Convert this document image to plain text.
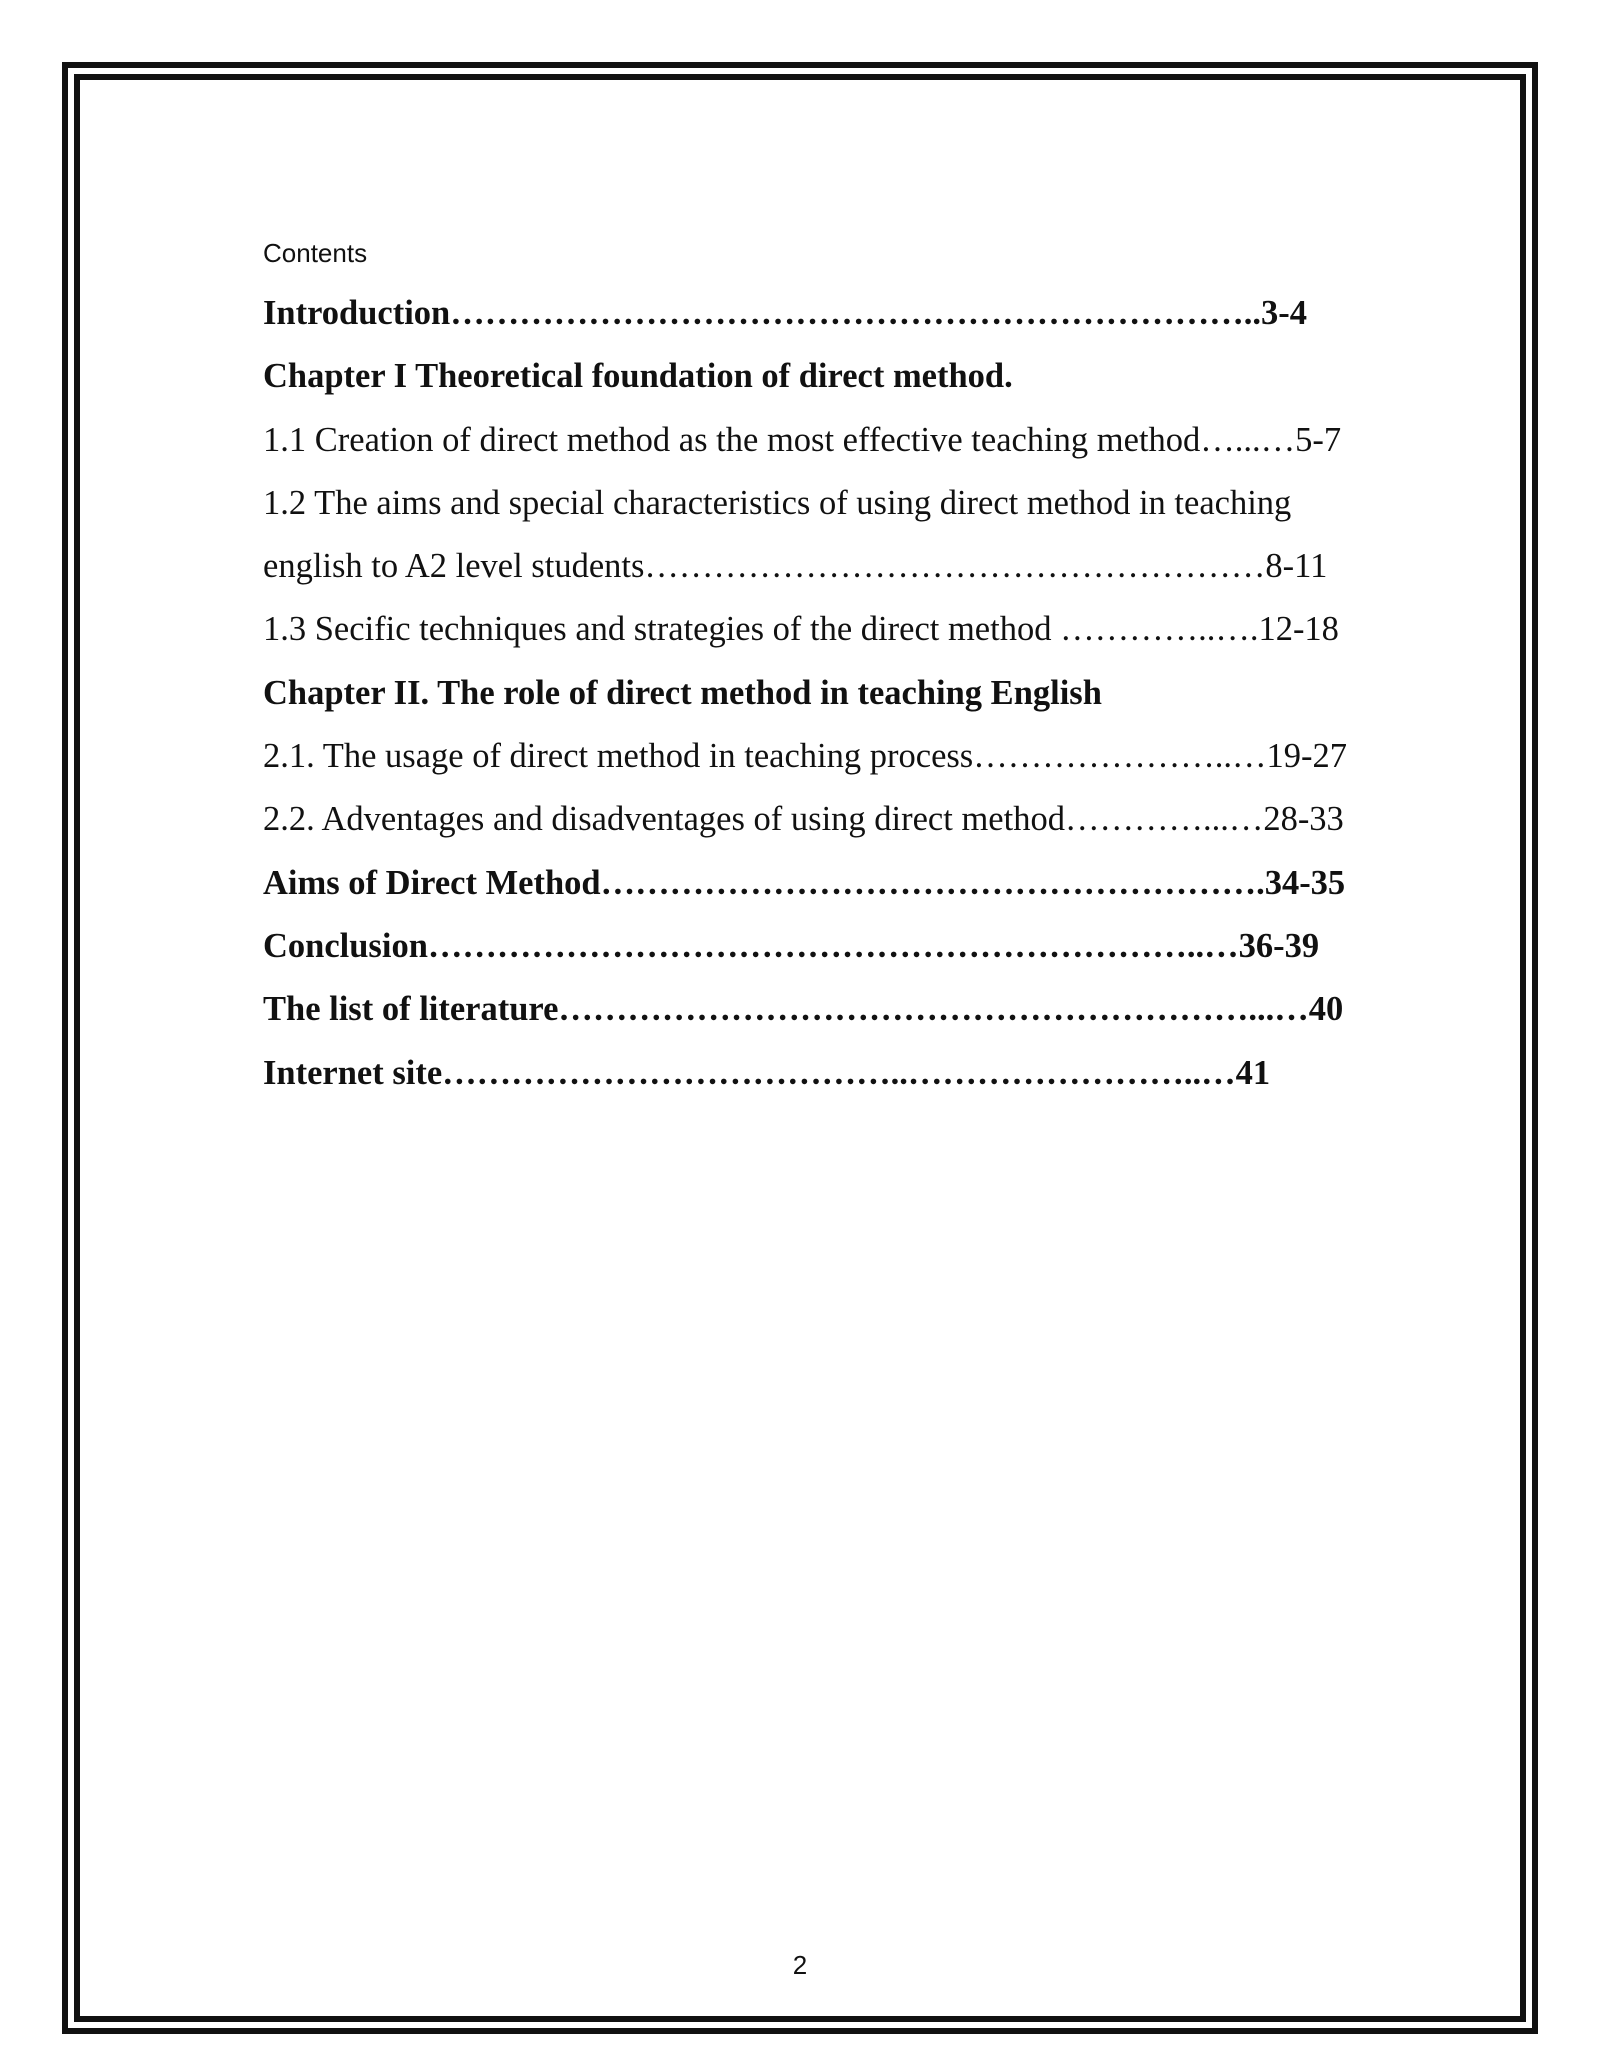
Contents
Introduction……………………………………………………………..3-4
Chapter I Theoretical foundation of direct method.
1.1 Creation of direct method as the most effective teaching method…...…5-7
1.2 The aims and special characteristics of using direct method in teaching
english to A2 level students………………………………………………8-11
1.3 Secific techniques and strategies of the direct method …………..….12-18
Chapter II. The role of direct method in teaching English
2.1. The usage of direct method in teaching process…………………..…19-27
2.2. Adventages and disadventages of using direct method…………...…28-33
Aims of Direct Method………………………………………………….34-35
Conclusion…………………………………………………………..…36-39
The list of literature……………………………………………………...…40
Internet site…………………………………..……………………..…41
2
